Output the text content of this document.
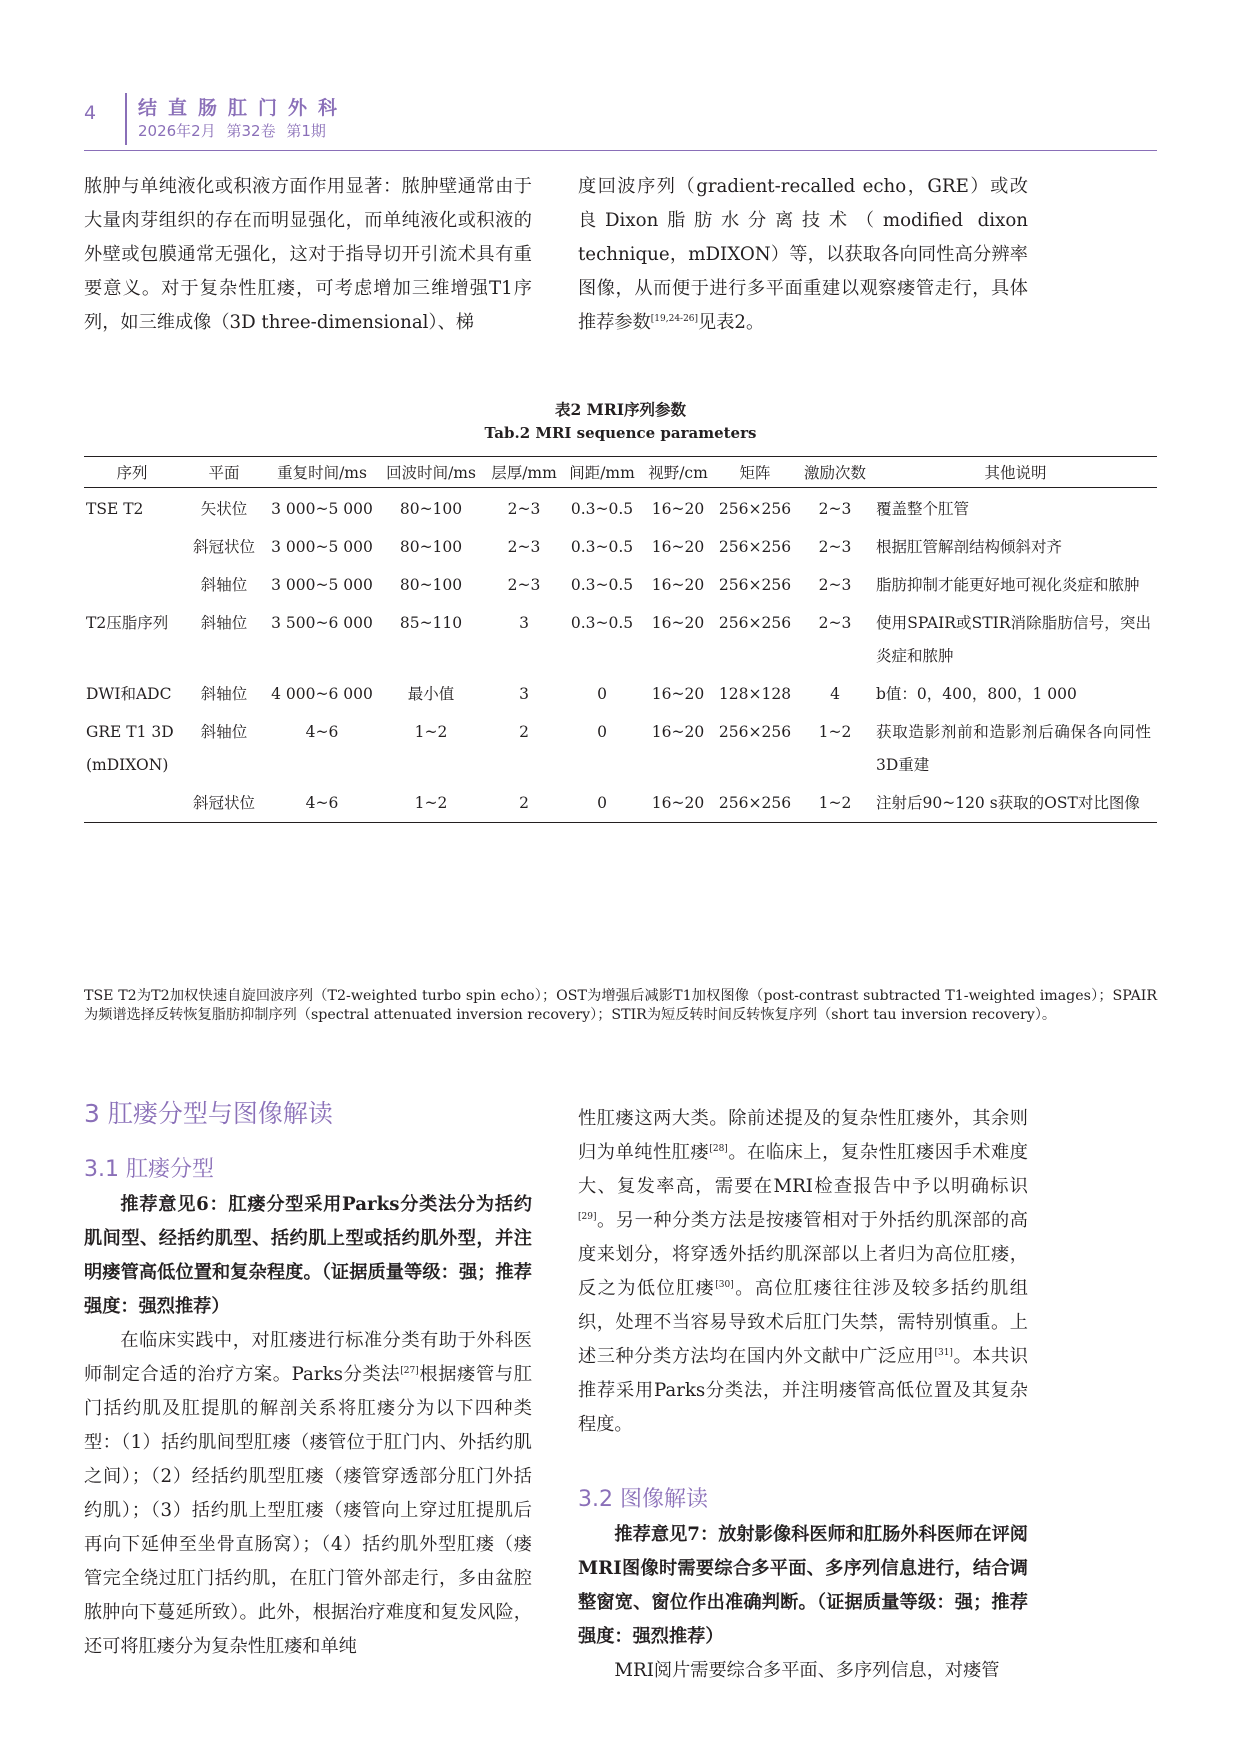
4 结直肠肛门外科
2026年2月 第32卷 第1期

脓肿与单纯液化或积液方面作用显著：脓肿壁通常由于大量肉芽组织的存在而明显强化，而单纯液化或积液的外壁或包膜通常无强化，这对于指导切开引流术具有重要意义。对于复杂性肛瘘，可考虑增加三维增强T1序列，如三维成像（3D three-dimensional）、梯

度回波序列（gradient-recalled echo，GRE）或改良Dixon脂肪水分离技术（modified dixon technique，mDIXON）等，以获取各向同性高分辨率图像，从而便于进行多平面重建以观察瘘管走行，具体推荐参数[19,24-26]见表2。

表2 MRI序列参数
Tab.2 MRI sequence parameters
序列	平面	重复时间/ms	回波时间/ms	层厚/mm	间距/mm	视野/cm	矩阵	激励次数	其他说明
TSE T2	矢状位	3 000~5 000	80~100	2~3	0.3~0.5	16~20	256×256	2~3	覆盖整个肛管
	斜冠状位	3 000~5 000	80~100	2~3	0.3~0.5	16~20	256×256	2~3	根据肛管解剖结构倾斜对齐
	斜轴位	3 000~5 000	80~100	2~3	0.3~0.5	16~20	256×256	2~3	脂肪抑制才能更好地可视化炎症和脓肿
T2压脂序列	斜轴位	3 500~6 000	85~110	3	0.3~0.5	16~20	256×256	2~3	使用SPAIR或STIR消除脂肪信号，突出炎症和脓肿
DWI和ADC	斜轴位	4 000~6 000	最小值	3	0	16~20	128×128	4	b值：0，400，800，1 000
GRE T1 3D (mDIXON)	斜轴位	4~6	1~2	2	0	16~20	256×256	1~2	获取造影剂前和造影剂后确保各向同性3D重建
	斜冠状位	4~6	1~2	2	0	16~20	256×256	1~2	注射后90~120 s获取的OST对比图像
TSE T2为T2加权快速自旋回波序列（T2-weighted turbo spin echo）；OST为增强后减影T1加权图像（post-contrast subtracted T1-weighted images）；SPAIR为频谱选择反转恢复脂肪抑制序列（spectral attenuated inversion recovery）；STIR为短反转时间反转恢复序列（short tau inversion recovery）。
3 肛瘘分型与图像解读
3.1 肛瘘分型

推荐意见6：肛瘘分型采用Parks分类法分为括约肌间型、经括约肌型、括约肌上型或括约肌外型，并注明瘘管高低位置和复杂程度。（证据质量等级：强；推荐强度：强烈推荐）

在临床实践中，对肛瘘进行标准分类有助于外科医师制定合适的治疗方案。Parks分类法[27]根据瘘管与肛门括约肌及肛提肌的解剖关系将肛瘘分为以下四种类型：（1）括约肌间型肛瘘（瘘管位于肛门内、外括约肌之间）；（2）经括约肌型肛瘘（瘘管穿透部分肛门外括约肌）；（3）括约肌上型肛瘘（瘘管向上穿过肛提肌后再向下延伸至坐骨直肠窝）；（4）括约肌外型肛瘘（瘘管完全绕过肛门括约肌，在肛门管外部走行，多由盆腔脓肿向下蔓延所致）。此外，根据治疗难度和复发风险，还可将肛瘘分为复杂性肛瘘和单纯

性肛瘘这两大类。除前述提及的复杂性肛瘘外，其余则归为单纯性肛瘘[28]。在临床上，复杂性肛瘘因手术难度大、复发率高，需要在MRI检查报告中予以明确标识[29]。另一种分类方法是按瘘管相对于外括约肌深部的高度来划分，将穿透外括约肌深部以上者归为高位肛瘘，反之为低位肛瘘[30]。高位肛瘘往往涉及较多括约肌组织，处理不当容易导致术后肛门失禁，需特别慎重。上述三种分类方法均在国内外文献中广泛应用[31]。本共识推荐采用Parks分类法，并注明瘘管高低位置及其复杂程度。

3.2 图像解读

推荐意见7：放射影像科医师和肛肠外科医师在评阅MRI图像时需要综合多平面、多序列信息进行，结合调整窗宽、窗位作出准确判断。（证据质量等级：强；推荐强度：强烈推荐）

MRI阅片需要综合多平面、多序列信息，对瘘管
